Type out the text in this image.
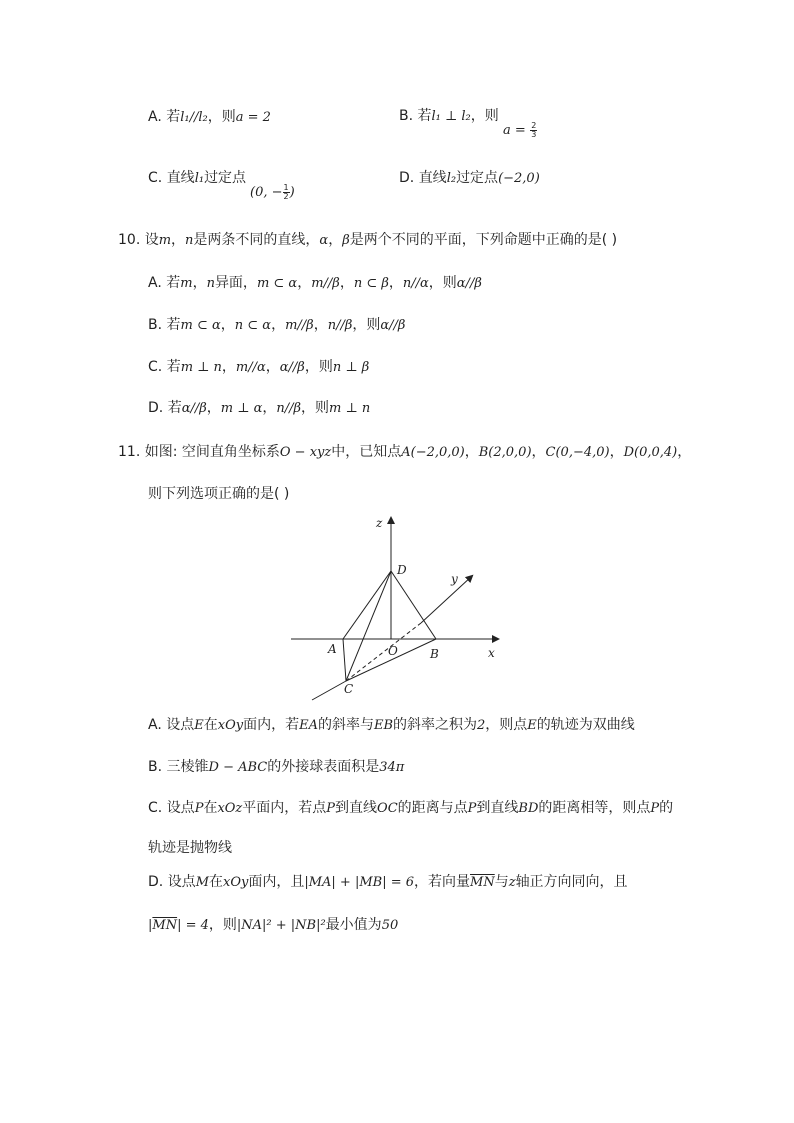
A. 若l₁//l₂，则a = 2	B. 若l₁ ⊥ l₂，则
$a = \frac{2}{3}$
C. 直线l₁过定点
(0, − $\frac{1}{2}$ )
D. 直线l₂过定点(−2,0)
10. 设m，n是两条不同的直线，α，β是两个不同的平面，下列命题中正确的是( )
A. 若m，n异面，m ⊂ α，m//β，n ⊂ β，n//α，则α//β
B. 若m ⊂ α，n ⊂ α，m//β，n//β，则α//β
C. 若m ⊥ n，m//α，α//β，则n ⊥ β
D. 若α//β，m ⊥ α，n//β，则m ⊥ n
11. 如图: 空间直角坐标系O − xyz中，已知点A(−2,0,0)，B(2,0,0)，C(0,−4,0)，D(0,0,4)，
则下列选项正确的是( )
z
D
y
A	O	B	x
C
A. 设点E在xOy面内，若EA的斜率与EB的斜率之积为2，则点E的轨迹为双曲线
B. 三棱锥D − ABC的外接球表面积是34π
C. 设点P在xOz平面内，若点P到直线OC的距离与点P到直线BD的距离相等，则点P的
轨迹是抛物线
D. 设点M在xOy面内，且|MA| + |MB| = 6，若向量$\overline{MN}$与z轴正方向同向，且
$|\overline{MN}| = 4$，则|NA|² + |NB|²最小值为50
